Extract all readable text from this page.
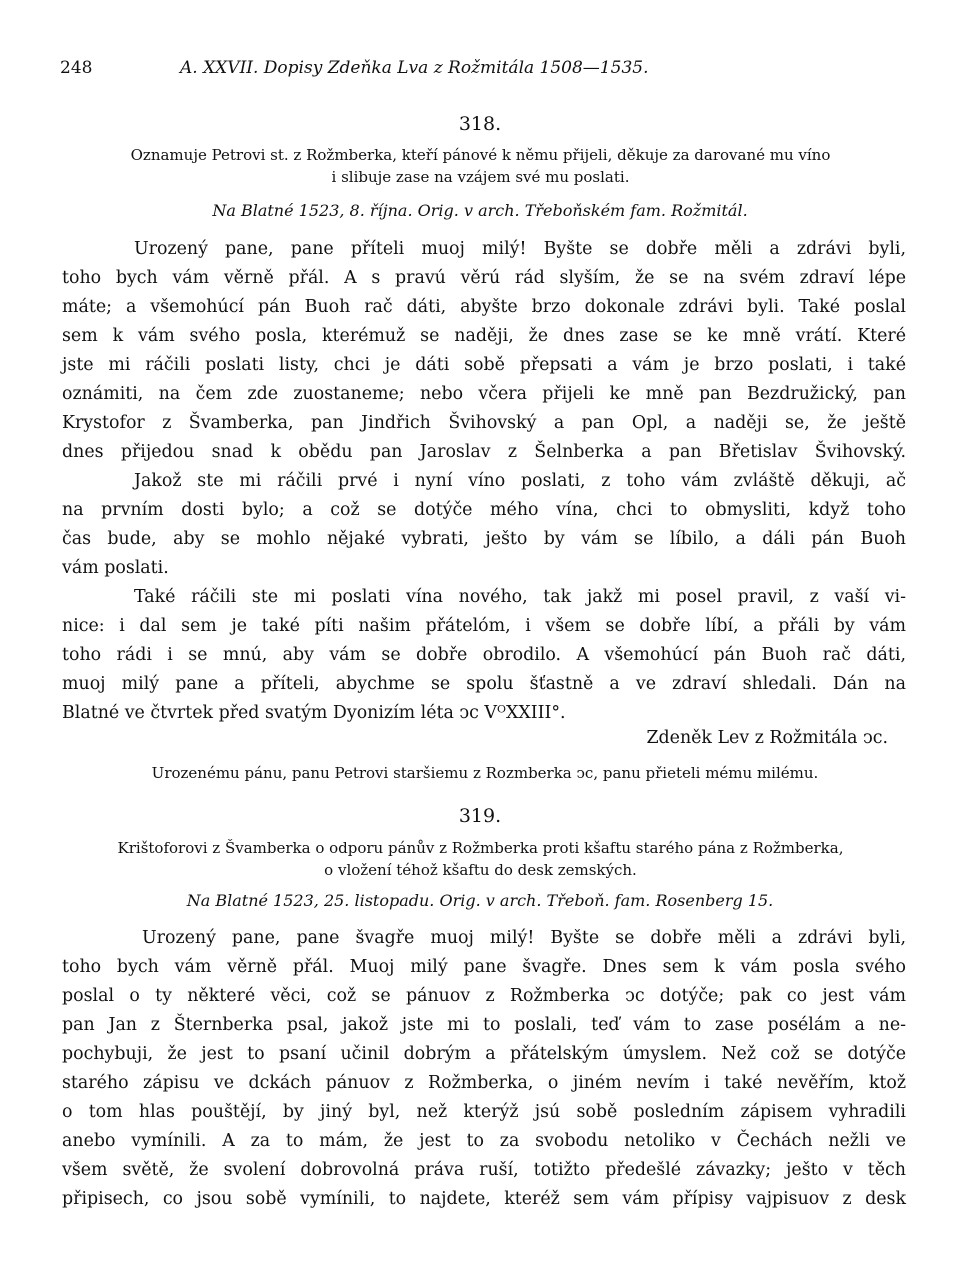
248	A. XXVII. Dopisy Zdeňka Lva z Rožmitála 1508—1535.
318.
Oznamuje Petrovi st. z Rožmberka, kteří pánové k němu přijeli, děkuje za darované mu víno
i slibuje zase na vzájem své mu poslati.
Na Blatné 1523, 8. října. Orig. v arch. Třeboňském fam. Rožmitál.
Urozený pane, pane příteli muoj milý! Byšte se dobře měli a zdrávi byli,
toho bych vám věrně přál. A s pravú věrú rád slyším, že se na svém zdraví lépe
máte; a všemohúcí pán Buoh rač dáti, abyšte brzo dokonale zdrávi byli. Také poslal
sem k vám svého posla, kterémuž se naději, že dnes zase se ke mně vrátí. Které
jste mi ráčili poslati listy, chci je dáti sobě přepsati a vám je brzo poslati, i také
oznámiti, na čem zde zuostaneme; nebo včera přijeli ke mně pan Bezdružický, pan
Krystofor z Švamberka, pan Jindřich Švihovský a pan Opl, a naději se, že ještě
dnes přijedou snad k obědu pan Jaroslav z Šelnberka a pan Břetislav Švihovský.
Jakož ste mi ráčili prvé i nyní víno poslati, z toho vám zvláště děkuji, ač
na prvním dosti bylo; a což se dotýče mého vína, chci to obmysliti, když toho
čas bude, aby se mohlo nějaké vybrati, ješto by vám se líbilo, a dáli pán Buoh
vám poslati.
Také ráčili ste mi poslati vína nového, tak jakž mi posel pravil, z vaší vi-
nice: i dal sem je také píti našim přátelóm, i všem se dobře líbí, a přáli by vám
toho rádi i se mnú, aby vám se dobře obrodilo. A všemohúcí pán Buoh rač dáti,
muoj milý pane a příteli, abychme se spolu šťastně a ve zdraví shledali. Dán na
Blatné ve čtvrtek před svatým Dyonizím léta ↄc VᴼXXIII°.
Zdeněk Lev z Rožmitála ↄc.
Urozenému pánu, panu Petrovi staršiemu z Rozmberka ↄc, panu přieteli mému milému.
319.
Krištoforovi z Švamberka o odporu pánův z Rožmberka proti kšaftu starého pána z Rožmberka,
o vložení téhož kšaftu do desk zemských.
Na Blatné 1523, 25. listopadu. Orig. v arch. Třeboň. fam. Rosenberg 15.
Urozený pane, pane švagře muoj milý! Byšte se dobře měli a zdrávi byli,
toho bych vám věrně přál. Muoj milý pane švagře. Dnes sem k vám posla svého
poslal o ty některé věci, což se pánuov z Rožmberka ↄc dotýče; pak co jest vám
pan Jan z Šternberka psal, jakož jste mi to poslali, teď vám to zase posélám a ne-
pochybuji, že jest to psaní učinil dobrým a přátelským úmyslem. Než což se dotýče
starého zápisu ve dckách pánuov z Rožmberka, o jiném nevím i také nevěřím, ktož
o tom hlas pouštějí, by jiný byl, než kterýž jsú sobě posledním zápisem vyhradili
anebo vymínili. A za to mám, že jest to za svobodu netoliko v Čechách nežli ve
všem světě, že svolení dobrovolná práva ruší, totižto předešlé závazky; ješto v těch
připisech, co jsou sobě vymínili, to najdete, kteréž sem vám přípisy vajpisuov z desk
